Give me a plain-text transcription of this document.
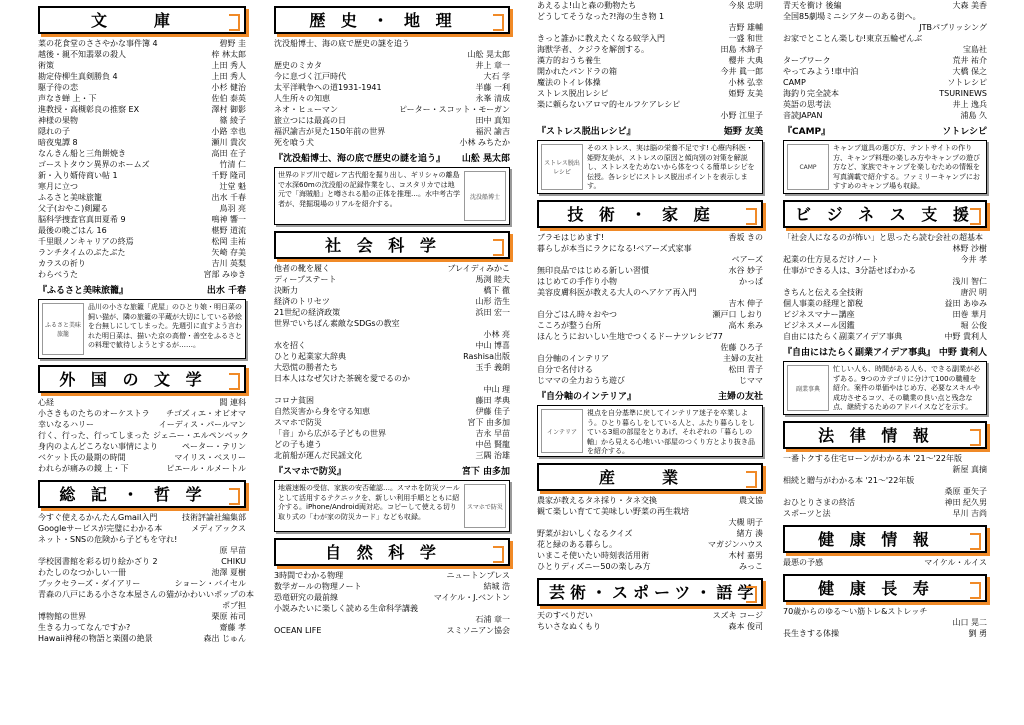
文　　庫
菜の花食堂のささやかな事件簿 4	碧野 圭
越後・親不知翡翠の殺人	梓 林太郎
術策	上田 秀人
勘定侍柳生真剣勝負 4	上田 秀人
駆子待の恋	小杉 健治
声なき蝉 上・下	佐伯 泰英
進教授・高槻彰良の推察 EX	澤村 御影
神様の果物	篠 綾子
隠れの子	小路 幸也
暗夜鬼譚 8	瀬川 貴次
なんきん船と三角餅焼き	高田 在子
ゴーストタウン異界のホームズ	竹清 仁
新・入り婿侍商い帖 1	千野 隆司
寒月に立つ	辻堂 魁
ふるさと美味旅籠	出水 千春
父子(おやこ)剣躍る	鳥羽 亮
脳科学捜査官真田夏希 9	鳴神 響一
最後の晩ごはん 16	椹野 道流
千里眼ノンキャリアの終焉	松岡 圭祐
ランチタイムのぶたぶた	矢崎 存美
カラスの祈り	吉川 英梨
わらべうた	宮部 みゆき
『ふるさと美味旅籠』	出水 千春
ふるさと美味旅籠
品川の小さな旅籠「虎屋」のひとり娘・明日菜の飼い猫が、隣の旅籠の平蔵が大切にしている砂絵を台無しにしてしまった。先週引に直すよう言われた明日菜は、描いた京の高僧・善空をふるさとの料理で歓待しようとするが……。
外 国 の 文 学
心経	閻 連科
小さきものたちのオーケストラ	チゴズィエ・オビオマ
幸いなるハリー	イーディス・パールマン
行く、行った、行ってしまった ジェニー・エルペンベック
身内のよんどころない事情により	ペーター・テリン
ベケット氏の最期の時間	マイリス・ベスリー
われらが痛みの鏡 上・下	ピエール・ルメートル
総 記 ・ 哲 学
今すぐ使えるかんたんGmail入門	技術評論社編集部
Googleサービスが完璧にわかる本	メディアックス
ネット・SNSの危険から子どもを守れ!
原 早苗
学校図書館を彩る切り絵かざり 2	CHIKU
わたしのなつかしい一冊	池澤 夏樹
ブックセラーズ・ダイアリー	ショーン・バイセル
青森の八戸にある小さな本屋さんの猫がかわいいポップの本
ポプ担
博物館の世界	栗原 祐司
生きる力ってなんですか?	齋藤 孝
Hawaii神秘の物語と楽園の絶景	森出 じゅん
歴 史 ・ 地 理
沈没船博士、海の底で歴史の謎を追う
山舩 晃太郎
歴史のミカタ	井上 章一
今に息づく江戸時代	大石 学
太平洋戦争への道1931-1941	半藤 一利
人生所々の知恵	永峯 清成
ネオ・ヒューマン	ピーター・スコット・モーガン
旅立つには最高の日	田中 真知
福沢諭吉が見た150年前の世界	福沢 諭吉
死を喰う犬	小林 みちたか
『沈没船博士、海の底で歴史の謎を追う』 山舩 晃太郎
世界のドブ川で超レア古代船を掘り出し、ギリシャの離島で水深60mの沈没船の記録作業をし、コスタリカでは地元で「海賊船」と噂される船の正体を推理…。水中考古学者が、発掘現場のリアルを紹介する。
沈没船博士
社 会 科 学
他者の靴を履く	ブレイディみかこ
ディープステート	馬渕 睦夫
決断力	橋下 徹
経済のトリセツ	山形 浩生
21世紀の経済政策	浜田 宏一
世界でいちばん素敵なSDGsの教室
小林 亮
水を招く	中山 博喜
ひとり起業家大辞典	Rashisa出版
大恐慌の勝者たち	玉手 義朗
日本人はなぜ欠けた茶碗を愛でるのか
中山 理
コロナ貧困	藤田 孝典
自然災害から身を守る知恵	伊藤 佳子
スマホで防災	宮下 由多加
「音」から広がる子どもの世界	吉永 早苗
どの子も違う	中邑 賢龍
北前船が運んだ民謡文化	三隅 治雄
『スマホで防災』	宮下 由多加
地震速報の受信、家族の安否確認…。スマホを防災ツールとして活用するテクニックを、新しい利用手順とともに紹介する。iPhone/Android両対応。コピーして使える切り取り式の「わが家の防災カード」なども収録。
スマホで防災
自 然 科 学
3時間でわかる物理	ニュートンプレス
数学ガールの物理ノート	結城 浩
恐竜研究の最前線	マイケル・J.ベントン
小説みたいに楽しく読める生命科学講義
石浦 章一
OCEAN LIFE	スミソニアン協会
あえるよ!山と森の動物たち	今泉 忠明
どうしてそうなった?!海の生き物 1
吉野 雄輔
きっと誰かに教えたくなる蚊学入門	一盛 和世
海獣学者、クジラを解剖する。	田島 木綿子
漢方的おうち養生	櫻井 大典
開かれたパンドラの箱	今井 眞一郎
魔法のトイレ体操	小林 弘幸
ストレス脱出レシピ	姫野 友美
楽に頼らないアロマ的セルフケアレシピ
小野 江里子
『ストレス脱出レシピ』	姫野 友美
ストレス脱出レシピ
そのストレス、実は脳の栄養不足です! 心療内科医・姫野友美が、ストレスの原因と傾向別の対策を解説し、ストレスをためないから体をつくる簡単レシピを伝授。各レシピにストレス脱出ポイントを表示します。
技 術 ・ 家 庭
ブラモはじめます!	香坂 きの
暮らしが本当にラクになる!ベアーズ式家事
ベアーズ
無印良品ではじめる新しい習慣	水谷 妙子
はじめての手作り小物	かっぱ
美容皮膚科医が教える大人のヘアケア再入門
吉木 伸子
自分ごはん時々おやつ	瀬戸口 しおり
こころが整う台所	高木 糸み
ほんとうにおいしい生地でつくるドーナツレシピ77
佐藤 ひろ子
自分軸のインテリア	主婦の友社
自分で名付ける	松田 青子
じママの全力おうち遊び	じママ
『自分軸のインテリア』	主婦の友社
インテリア
視点を自分基準に戻してインテリア迷子を卒業しよう。ひとり暮らしをしている人と、ふたり暮らしをしている3組の部屋をとりあげ、それぞれの「暮らしの軸」から見える心地いい部屋のつくり方とより抜き品を紹介する。
産　　業
農家が教えるタネ採り・タネ交換	農文協
観て楽しい育てて美味しい野菜の再生栽培
大槻 明子
野菜がおいしくなるクイズ	緒方 湊
花と緑のある暮らし。	マガジンハウス
いまこそ使いたい時刻表活用術	木村 嘉男
ひとりディズニー50の楽しみ方	みっこ
芸術・スポーツ・語学
天のすべりだい	スズキ コージ
ちいさなぬくもり	森本 俊司
青天を衝け 後編	大森 美香
全国85劇場ミニシアターのある街へ。
JTBパブリッシング
お家でとことん楽しむ!東京五輪ぜんぶ
宝島社
ターブワーク	荒井 祐介
やってみよう!車中泊	大橋 保之
CAMP	ソトレシピ
海釣り完全読本	TSURINEWS
英語の思考法	井上 逸兵
音読JAPAN	浦島 久
『CAMP』	ソトレシピ
CAMP
キャンプ道具の選び方、テントサイトの作り方、キャンプ料理の楽しみ方やキャンプの遊び方など、家族でキャンプを楽しむための情報を写真満載で紹介する。ファミリーキャンプにおすすめのキャンプ場も収録。
ビ ジ ネ ス 支 援
「社会人になるのが怖い」と思ったら読む会社の超基本
林野 沙樹
起業の仕方見るだけノート	今井 孝
仕事ができる人は、3分話せばわかる
浅川 智仁
きちんと伝える全技術	唐沢 明
個人事業の経理と節税	益田 あゆみ
ビジネスマナー講座	田巻 華月
ビジネスメール図鑑	堀 公俊
自由にはたらく副業アイデア事典	中野 貴利人
『自由にはたらく副業アイデア事典』 中野 貴利人
副業事典
忙しい人も、時間がある人も、できる副業が必ずある。9つのカテゴリに分けて100の職種を紹介。案件の単価やはじめ方、必要なスキルや成功させるコツ、その職業の良い点と残念な点、継続するためのアドバイスなどを示す。
法 律 情 報
一番トクする住宅ローンがわかる本 '21～'22年版
新屋 真摘
相続と贈与がわかる本 '21～'22年版
桑原 亜矢子
おひとりさまの終活	神田 紀久男
スポーツと法	早川 吉尚
健 康 情 報
最悪の予感	マイケル・ルイス
健 康 長 寿
70歳からのゆる～い筋トレ&ストレッチ
山口 晃二
長生きする体操	劉 勇
